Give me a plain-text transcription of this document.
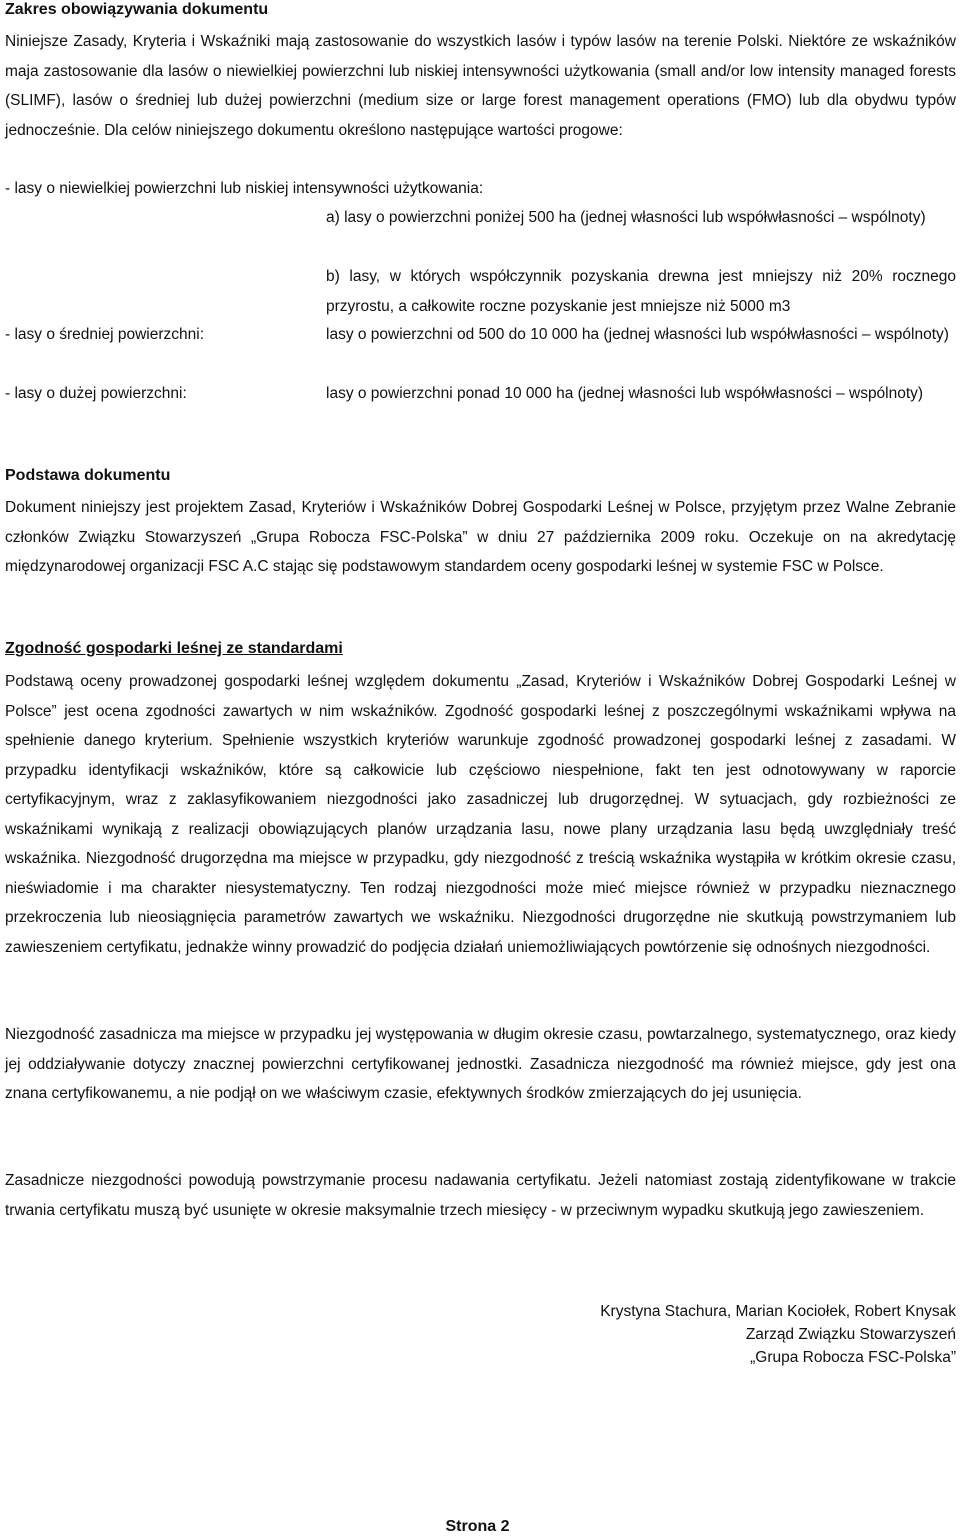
Zakres obowiązywania dokumentu

Niniejsze Zasady, Kryteria i Wskaźniki mają zastosowanie do wszystkich lasów i typów lasów na terenie Polski. Niektóre ze wskaźników maja zastosowanie dla lasów o niewielkiej powierzchni lub niskiej intensywności użytkowania (small and/or low intensity managed forests (SLIMF), lasów o średniej lub dużej powierzchni (medium size or large forest management operations (FMO) lub dla obydwu typów jednocześnie. Dla celów niniejszego dokumentu określono następujące wartości progowe:

- lasy o niewielkiej powierzchni lub niskiej intensywności użytkowania:
a) lasy o powierzchni poniżej 500 ha (jednej własności lub współwłasności – wspólnoty)
b) lasy, w których współczynnik pozyskania drewna jest mniejszy niż 20% rocznego przyrostu, a całkowite roczne pozyskanie jest mniejsze niż 5000 m3
- lasy o średniej powierzchni:	lasy o powierzchni od 500 do 10 000 ha (jednej własności lub współwłasności – wspólnoty)
- lasy o dużej powierzchni:	lasy o powierzchni ponad 10 000 ha (jednej własności lub współwłasności – wspólnoty)
Podstawa dokumentu

Dokument niniejszy jest projektem Zasad, Kryteriów i Wskaźników Dobrej Gospodarki Leśnej w Polsce, przyjętym przez Walne Zebranie członków Związku Stowarzyszeń „Grupa Robocza FSC-Polska” w dniu 27 października 2009 roku. Oczekuje on na akredytację międzynarodowej organizacji FSC A.C stając się podstawowym standardem oceny gospodarki leśnej w systemie FSC w Polsce.

Zgodność gospodarki leśnej ze standardami

Podstawą oceny prowadzonej gospodarki leśnej względem dokumentu „Zasad, Kryteriów i Wskaźników Dobrej Gospodarki Leśnej w Polsce” jest ocena zgodności zawartych w nim wskaźników. Zgodność gospodarki leśnej z poszczególnymi wskaźnikami wpływa na spełnienie danego kryterium. Spełnienie wszystkich kryteriów warunkuje zgodność prowadzonej gospodarki leśnej z zasadami. W przypadku identyfikacji wskaźników, które są całkowicie lub częściowo niespełnione, fakt ten jest odnotowywany w raporcie certyfikacyjnym, wraz z zaklasyfikowaniem niezgodności jako zasadniczej lub drugorzędnej. W sytuacjach, gdy rozbieżności ze wskaźnikami wynikają z realizacji obowiązujących planów urządzania lasu, nowe plany urządzania lasu będą uwzględniały treść wskaźnika. Niezgodność drugorzędna ma miejsce w przypadku, gdy niezgodność z treścią wskaźnika wystąpiła w krótkim okresie czasu, nieświadomie i ma charakter niesystematyczny. Ten rodzaj niezgodności może mieć miejsce również w przypadku nieznacznego przekroczenia lub nieosiągnięcia parametrów zawartych we wskaźniku. Niezgodności drugorzędne nie skutkują powstrzymaniem lub zawieszeniem certyfikatu, jednakże winny prowadzić do podjęcia działań uniemożliwiających powtórzenie się odnośnych niezgodności.

Niezgodność zasadnicza ma miejsce w przypadku jej występowania w długim okresie czasu, powtarzalnego, systematycznego, oraz kiedy jej oddziaływanie dotyczy znacznej powierzchni certyfikowanej jednostki. Zasadnicza niezgodność ma również miejsce, gdy jest ona znana certyfikowanemu, a nie podjął on we właściwym czasie, efektywnych środków zmierzających do jej usunięcia.

Zasadnicze niezgodności powodują powstrzymanie procesu nadawania certyfikatu. Jeżeli natomiast zostają zidentyfikowane w trakcie trwania certyfikatu muszą być usunięte w okresie maksymalnie trzech miesięcy - w przeciwnym wypadku skutkują jego zawieszeniem.

Krystyna Stachura, Marian Kociołek, Robert Knysak
Zarząd Związku Stowarzyszeń
„Grupa Robocza FSC-Polska”
Strona 2
